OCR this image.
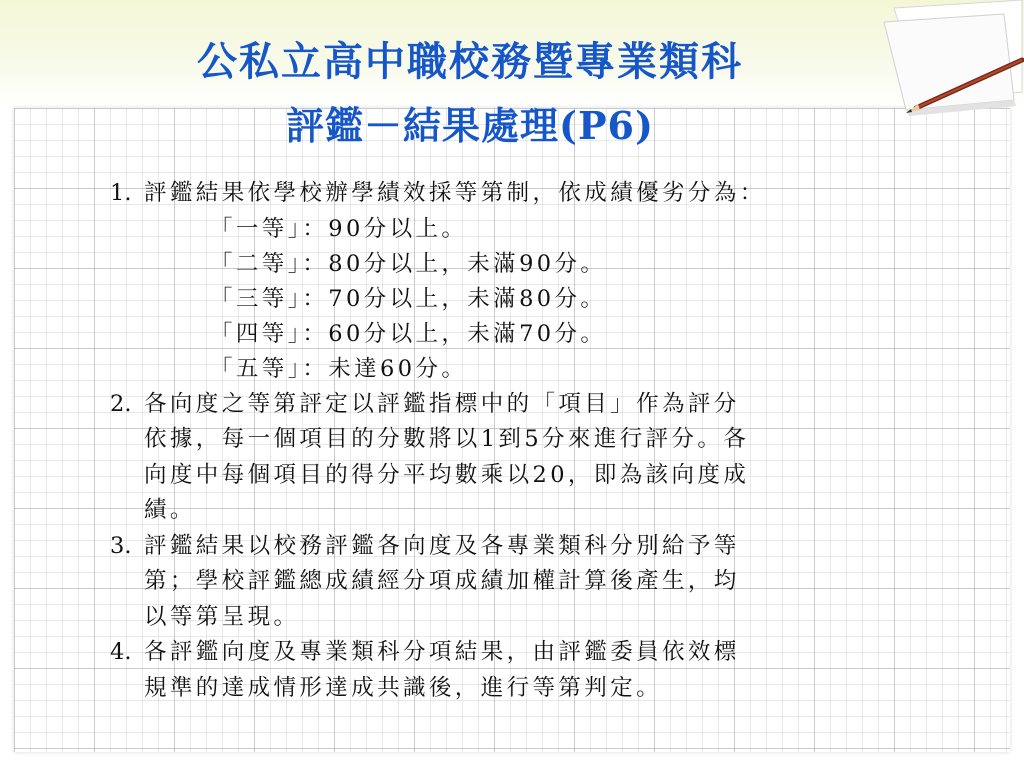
公私立高中職校務暨專業類科
評鑑－結果處理(P6)
1. 評鑑結果依學校辦學績效採等第制，依成績優劣分為：
「一等」：90分以上。
「二等」：80分以上，未滿90分。
「三等」：70分以上，未滿80分。
「四等」：60分以上，未滿70分。
「五等」：未達60分。
2. 各向度之等第評定以評鑑指標中的「項目」作為評分
依據，每一個項目的分數將以1到5分來進行評分。各
向度中每個項目的得分平均數乘以20，即為該向度成
績。
3. 評鑑結果以校務評鑑各向度及各專業類科分別給予等
第；學校評鑑總成績經分項成績加權計算後產生，均
以等第呈現。
4. 各評鑑向度及專業類科分項結果，由評鑑委員依效標
規準的達成情形達成共識後，進行等第判定。
